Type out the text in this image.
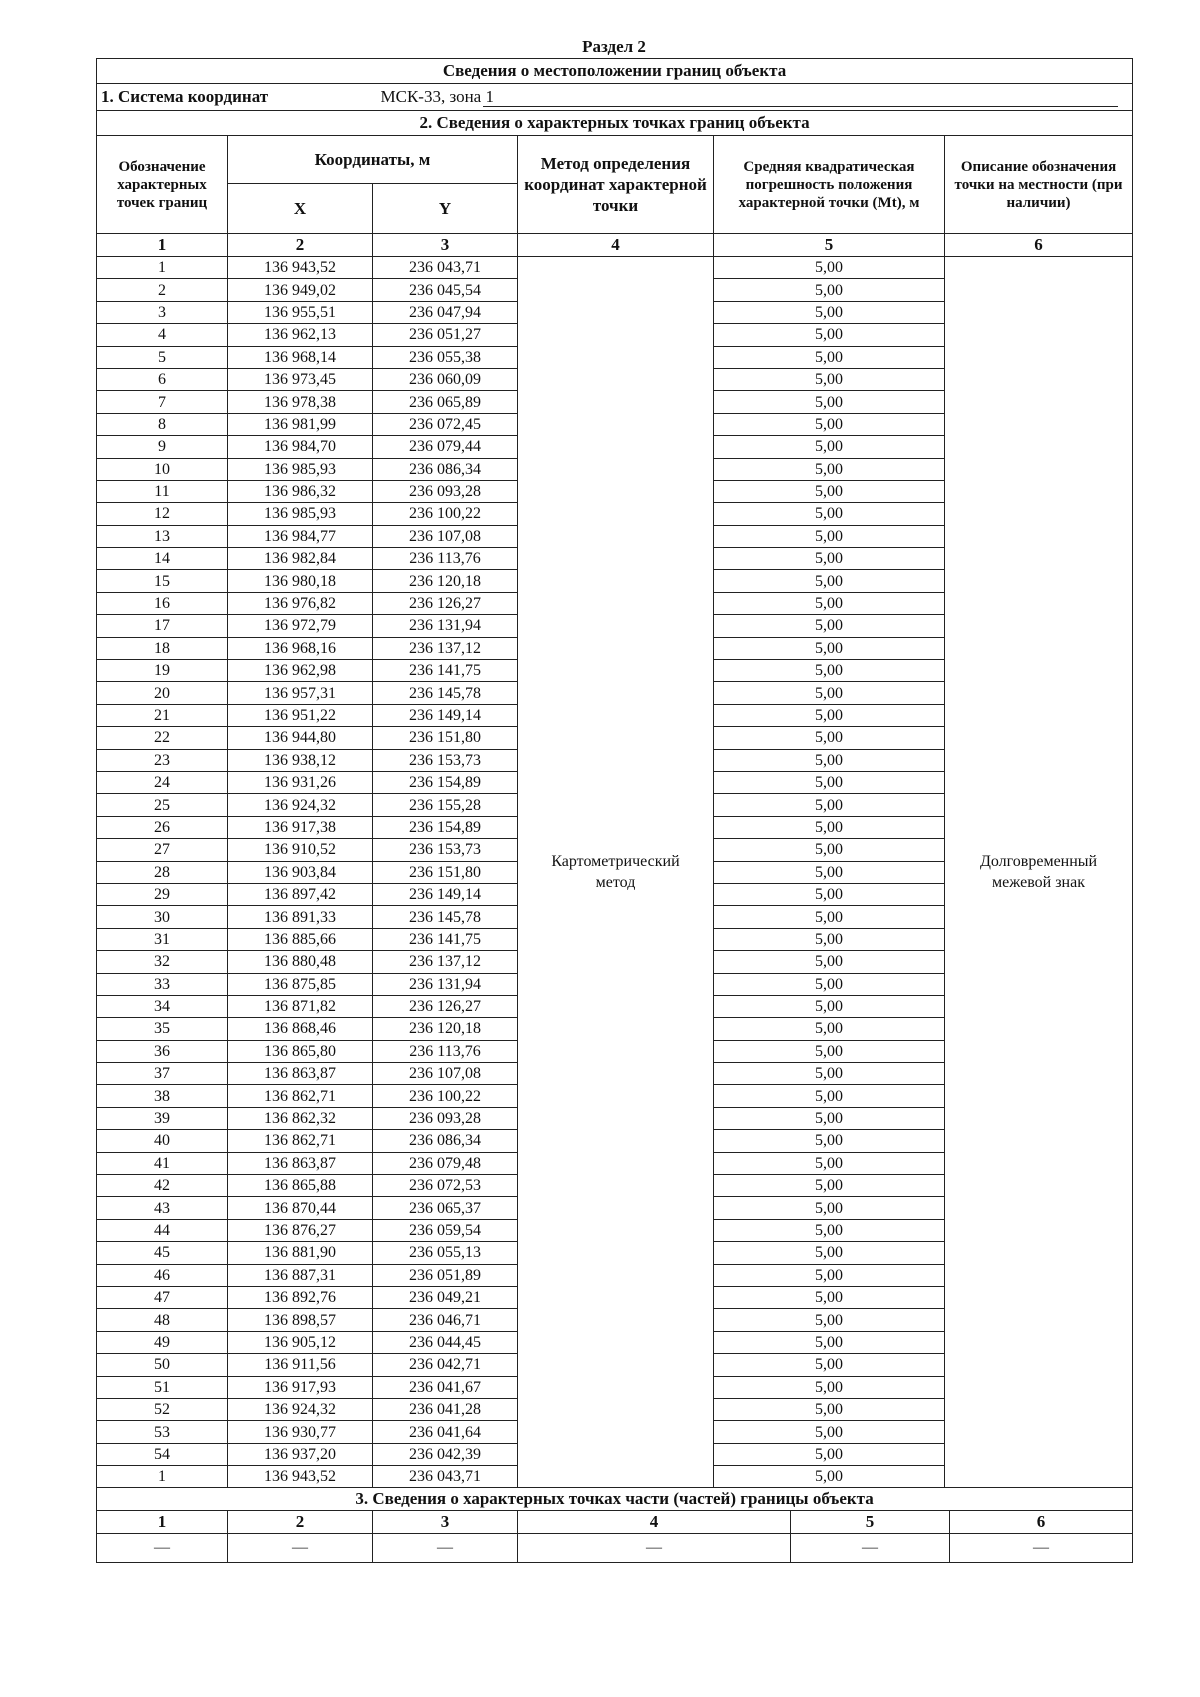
Раздел 2
Сведения о местоположении границ объекта					
1. Система координат		МСК-33, зона 1			

2. Сведения о характерных точках границ объекта					
Обозначение характерных точек границ	Координаты, м		Метод определения координат характерной точки	Средняя квадратическая погрешность положения характерной точки (Mt), м	Описание обозначения точки на местности (при наличии)
	X	Y			
1	2	3	4	5	6
1	136 943,52	236 043,71	Картометрический метод	5,00	Долговременный межевой знак
2	136 949,02	236 045,54		5,00	
3	136 955,51	236 047,94		5,00	
4	136 962,13	236 051,27		5,00	
5	136 968,14	236 055,38		5,00	
6	136 973,45	236 060,09		5,00	
7	136 978,38	236 065,89		5,00	
8	136 981,99	236 072,45		5,00	
9	136 984,70	236 079,44		5,00	
10	136 985,93	236 086,34		5,00	
11	136 986,32	236 093,28		5,00	
12	136 985,93	236 100,22		5,00	
13	136 984,77	236 107,08		5,00	
14	136 982,84	236 113,76		5,00	
15	136 980,18	236 120,18		5,00	
16	136 976,82	236 126,27		5,00	
17	136 972,79	236 131,94		5,00	
18	136 968,16	236 137,12		5,00	
19	136 962,98	236 141,75		5,00	
20	136 957,31	236 145,78		5,00	
21	136 951,22	236 149,14		5,00	
22	136 944,80	236 151,80		5,00	
23	136 938,12	236 153,73		5,00	
24	136 931,26	236 154,89		5,00	
25	136 924,32	236 155,28		5,00	
26	136 917,38	236 154,89		5,00	
27	136 910,52	236 153,73		5,00	
28	136 903,84	236 151,80		5,00	
29	136 897,42	236 149,14		5,00	
30	136 891,33	236 145,78		5,00	
31	136 885,66	236 141,75		5,00	
32	136 880,48	236 137,12		5,00	
33	136 875,85	236 131,94		5,00	
34	136 871,82	236 126,27		5,00	
35	136 868,46	236 120,18		5,00	
36	136 865,80	236 113,76		5,00	
37	136 863,87	236 107,08		5,00	
38	136 862,71	236 100,22		5,00	
39	136 862,32	236 093,28		5,00	
40	136 862,71	236 086,34		5,00	
41	136 863,87	236 079,48		5,00	
42	136 865,88	236 072,53		5,00	
43	136 870,44	236 065,37		5,00	
44	136 876,27	236 059,54		5,00	
45	136 881,90	236 055,13		5,00	
46	136 887,31	236 051,89		5,00	
47	136 892,76	236 049,21		5,00	
48	136 898,57	236 046,71		5,00	
49	136 905,12	236 044,45		5,00	
50	136 911,56	236 042,71		5,00	
51	136 917,93	236 041,67		5,00	
52	136 924,32	236 041,28		5,00	
53	136 930,77	236 041,64		5,00	
54	136 937,20	236 042,39		5,00	
1	136 943,52	236 043,71		5,00	
3. Сведения о характерных точках части (частей) границы объекта					
1	2	3	4	5	6
—	—	—	—	—	—
